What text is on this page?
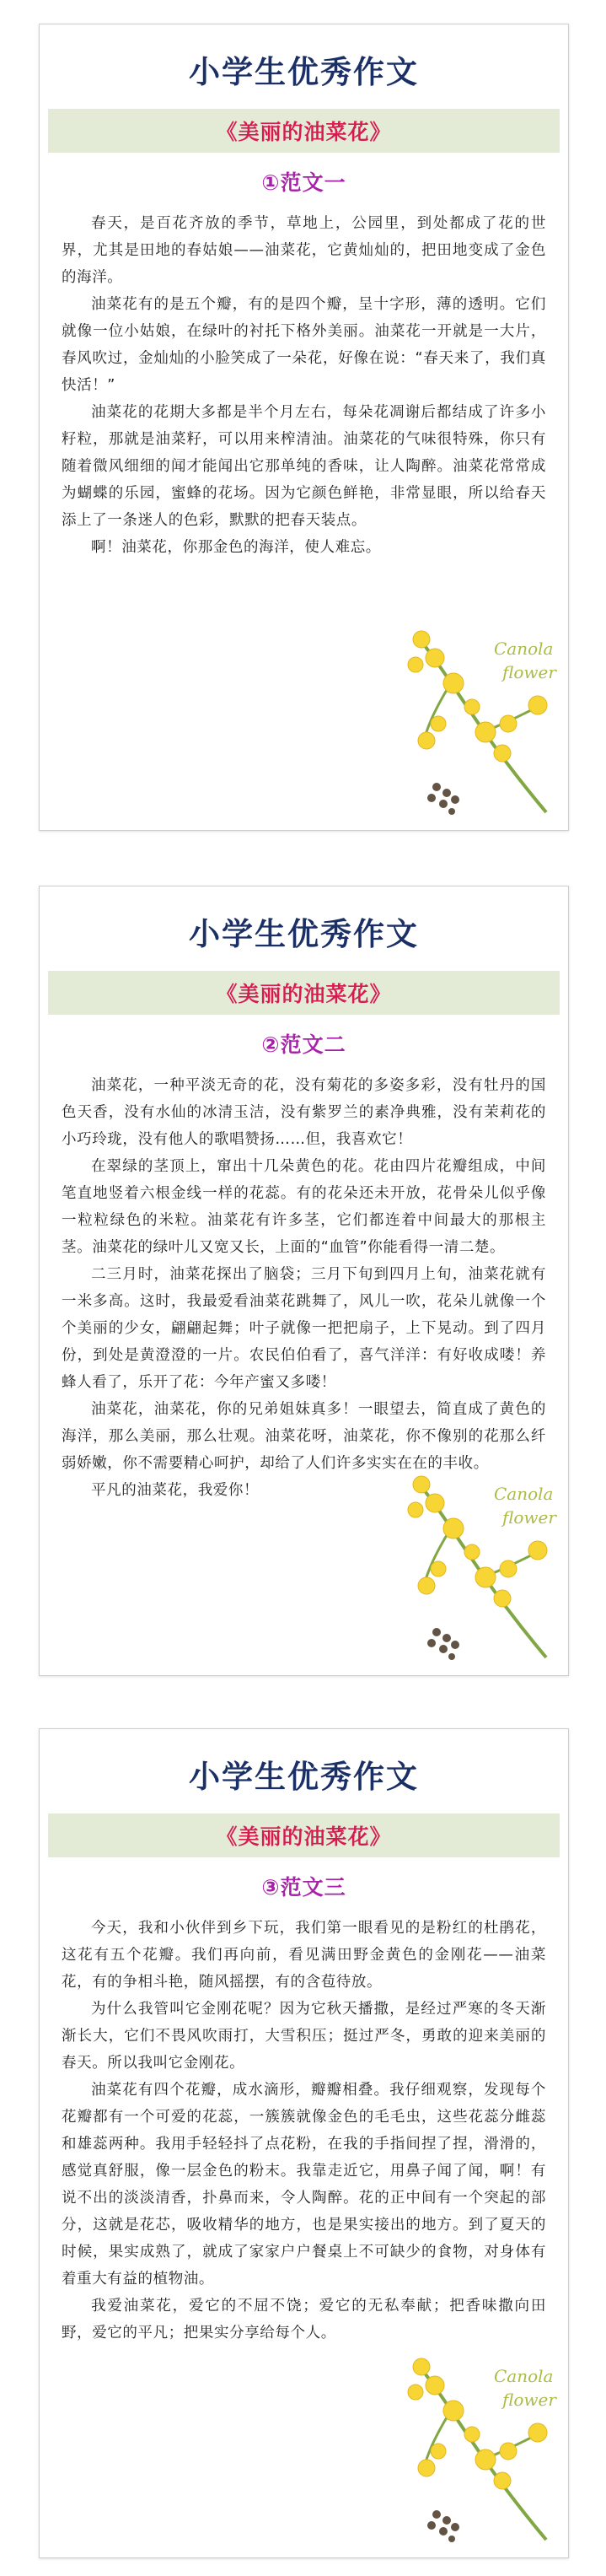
小学生优秀作文
《美丽的油菜花》
①范文一

春天，是百花齐放的季节，草地上，公园里，到处都成了花的世界，尤其是田地的春姑娘——油菜花，它黄灿灿的，把田地变成了金色的海洋。

油菜花有的是五个瓣，有的是四个瓣，呈十字形，薄的透明。它们就像一位小姑娘，在绿叶的衬托下格外美丽。油菜花一开就是一大片，春风吹过，金灿灿的小脸笑成了一朵花，好像在说：“春天来了，我们真快活！”

油菜花的花期大多都是半个月左右，每朵花凋谢后都结成了许多小籽粒，那就是油菜籽，可以用来榨清油。油菜花的气味很特殊，你只有随着微风细细的闻才能闻出它那单纯的香味，让人陶醉。油菜花常常成为蝴蝶的乐园，蜜蜂的花场。因为它颜色鲜艳，非常显眼，所以给春天添上了一条迷人的色彩，默默的把春天装点。

啊！油菜花，你那金色的海洋，使人难忘。

Canola
flower
小学生优秀作文
《美丽的油菜花》
②范文二

油菜花，一种平淡无奇的花，没有菊花的多姿多彩，没有牡丹的国色天香，没有水仙的冰清玉洁，没有紫罗兰的素净典雅，没有茉莉花的小巧玲珑，没有他人的歌唱赞扬……但，我喜欢它！

在翠绿的茎顶上，窜出十几朵黄色的花。花由四片花瓣组成，中间笔直地竖着六根金线一样的花蕊。有的花朵还未开放，花骨朵儿似乎像一粒粒绿色的米粒。油菜花有许多茎，它们都连着中间最大的那根主茎。油菜花的绿叶儿又宽又长，上面的“血管”你能看得一清二楚。

二三月时，油菜花探出了脑袋；三月下旬到四月上旬，油菜花就有一米多高。这时，我最爱看油菜花跳舞了，风儿一吹，花朵儿就像一个个美丽的少女，翩翩起舞；叶子就像一把把扇子，上下晃动。到了四月份，到处是黄澄澄的一片。农民伯伯看了，喜气洋洋：有好收成喽！养蜂人看了，乐开了花：今年产蜜又多喽！

油菜花，油菜花，你的兄弟姐妹真多！一眼望去，简直成了黄色的海洋，那么美丽，那么壮观。油菜花呀，油菜花，你不像别的花那么纤弱娇嫩，你不需要精心呵护，却给了人们许多实实在在的丰收。

平凡的油菜花，我爱你！	Canola
flower
小学生优秀作文
《美丽的油菜花》
③范文三

今天，我和小伙伴到乡下玩，我们第一眼看见的是粉红的杜鹃花，这花有五个花瓣。我们再向前，看见满田野金黄色的金刚花——油菜花，有的争相斗艳，随风摇摆，有的含苞待放。

为什么我管叫它金刚花呢？因为它秋天播撒，是经过严寒的冬天渐渐长大，它们不畏风吹雨打，大雪积压；挺过严冬，勇敢的迎来美丽的春天。所以我叫它金刚花。

油菜花有四个花瓣，成水滴形，瓣瓣相叠。我仔细观察，发现每个花瓣都有一个可爱的花蕊，一簇簇就像金色的毛毛虫，这些花蕊分雌蕊和雄蕊两种。我用手轻轻抖了点花粉，在我的手指间捏了捏，滑滑的，感觉真舒服，像一层金色的粉末。我靠走近它，用鼻子闻了闻，啊！有说不出的淡淡清香，扑鼻而来，令人陶醉。花的正中间有一个突起的部分，这就是花芯，吸收精华的地方，也是果实接出的地方。到了夏天的时候，果实成熟了，就成了家家户户餐桌上不可缺少的食物，对身体有着重大有益的植物油。

我爱油菜花，爱它的不屈不饶；爱它的无私奉献；把香味撒向田野，爱它的平凡；把果实分享给每个人。

Canola
flower
